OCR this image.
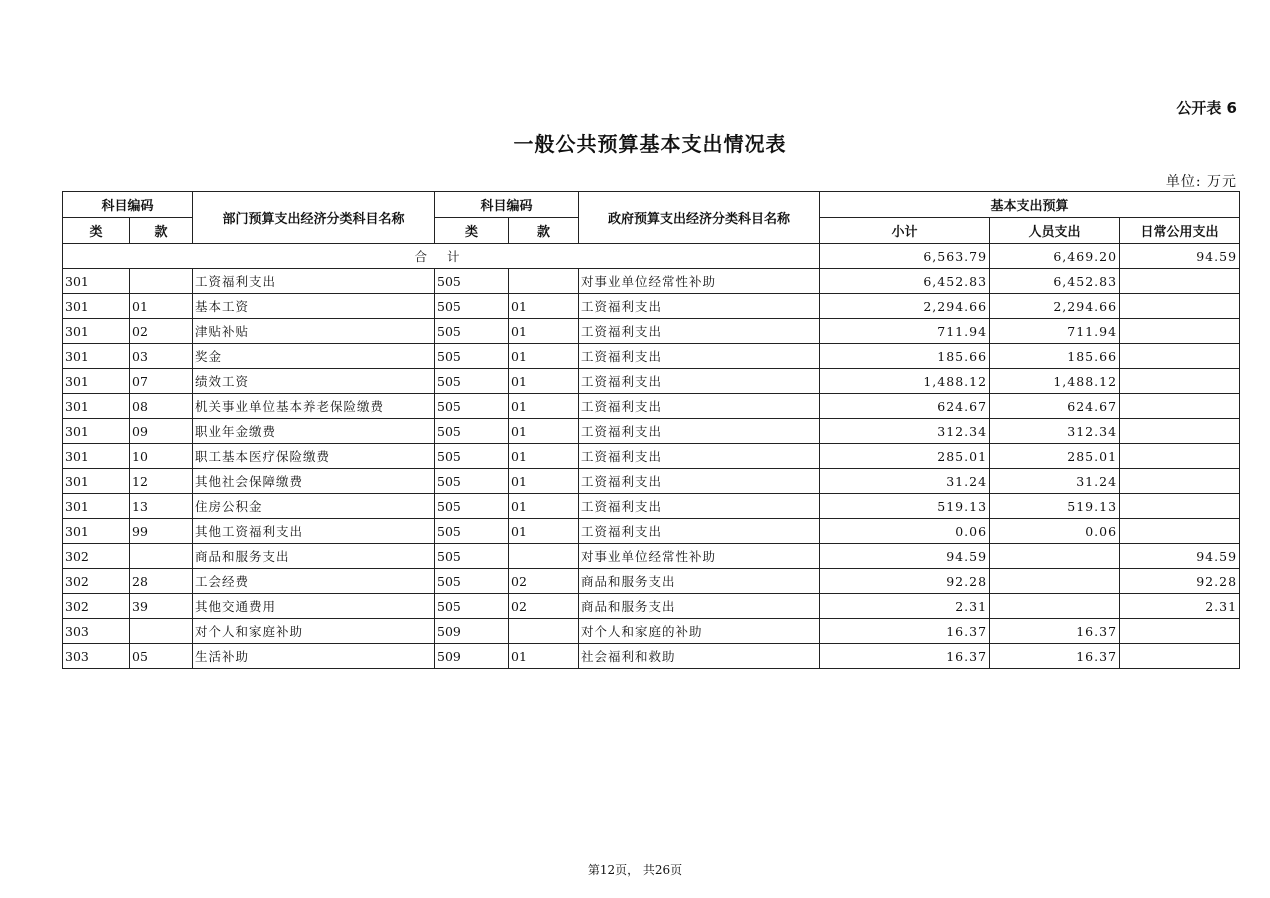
公开表 6
一般公共预算基本支出情况表
单位: 万元
科目编码		部门预算支出经济分类科目名称	科目编码		政府预算支出经济分类科目名称	基本支出预算		
类	款		类	款		小计	人员支出	日常公用支出
合 计						6,563.79	6,469.20	94.59
301		工资福利支出	505		对事业单位经常性补助	6,452.83	6,452.83	
301	01	基本工资	505	01	工资福利支出	2,294.66	2,294.66	
301	02	津贴补贴	505	01	工资福利支出	711.94	711.94	
301	03	奖金	505	01	工资福利支出	185.66	185.66	
301	07	绩效工资	505	01	工资福利支出	1,488.12	1,488.12	
301	08	机关事业单位基本养老保险缴费	505	01	工资福利支出	624.67	624.67	
301	09	职业年金缴费	505	01	工资福利支出	312.34	312.34	
301	10	职工基本医疗保险缴费	505	01	工资福利支出	285.01	285.01	
301	12	其他社会保障缴费	505	01	工资福利支出	31.24	31.24	
301	13	住房公积金	505	01	工资福利支出	519.13	519.13	
301	99	其他工资福利支出	505	01	工资福利支出	0.06	0.06	
302		商品和服务支出	505		对事业单位经常性补助	94.59		94.59
302	28	工会经费	505	02	商品和服务支出	92.28		92.28
302	39	其他交通费用	505	02	商品和服务支出	2.31		2.31
303		对个人和家庭补助	509		对个人和家庭的补助	16.37	16.37	
303	05	生活补助	509	01	社会福利和救助	16.37	16.37	
第12页， 共26页
